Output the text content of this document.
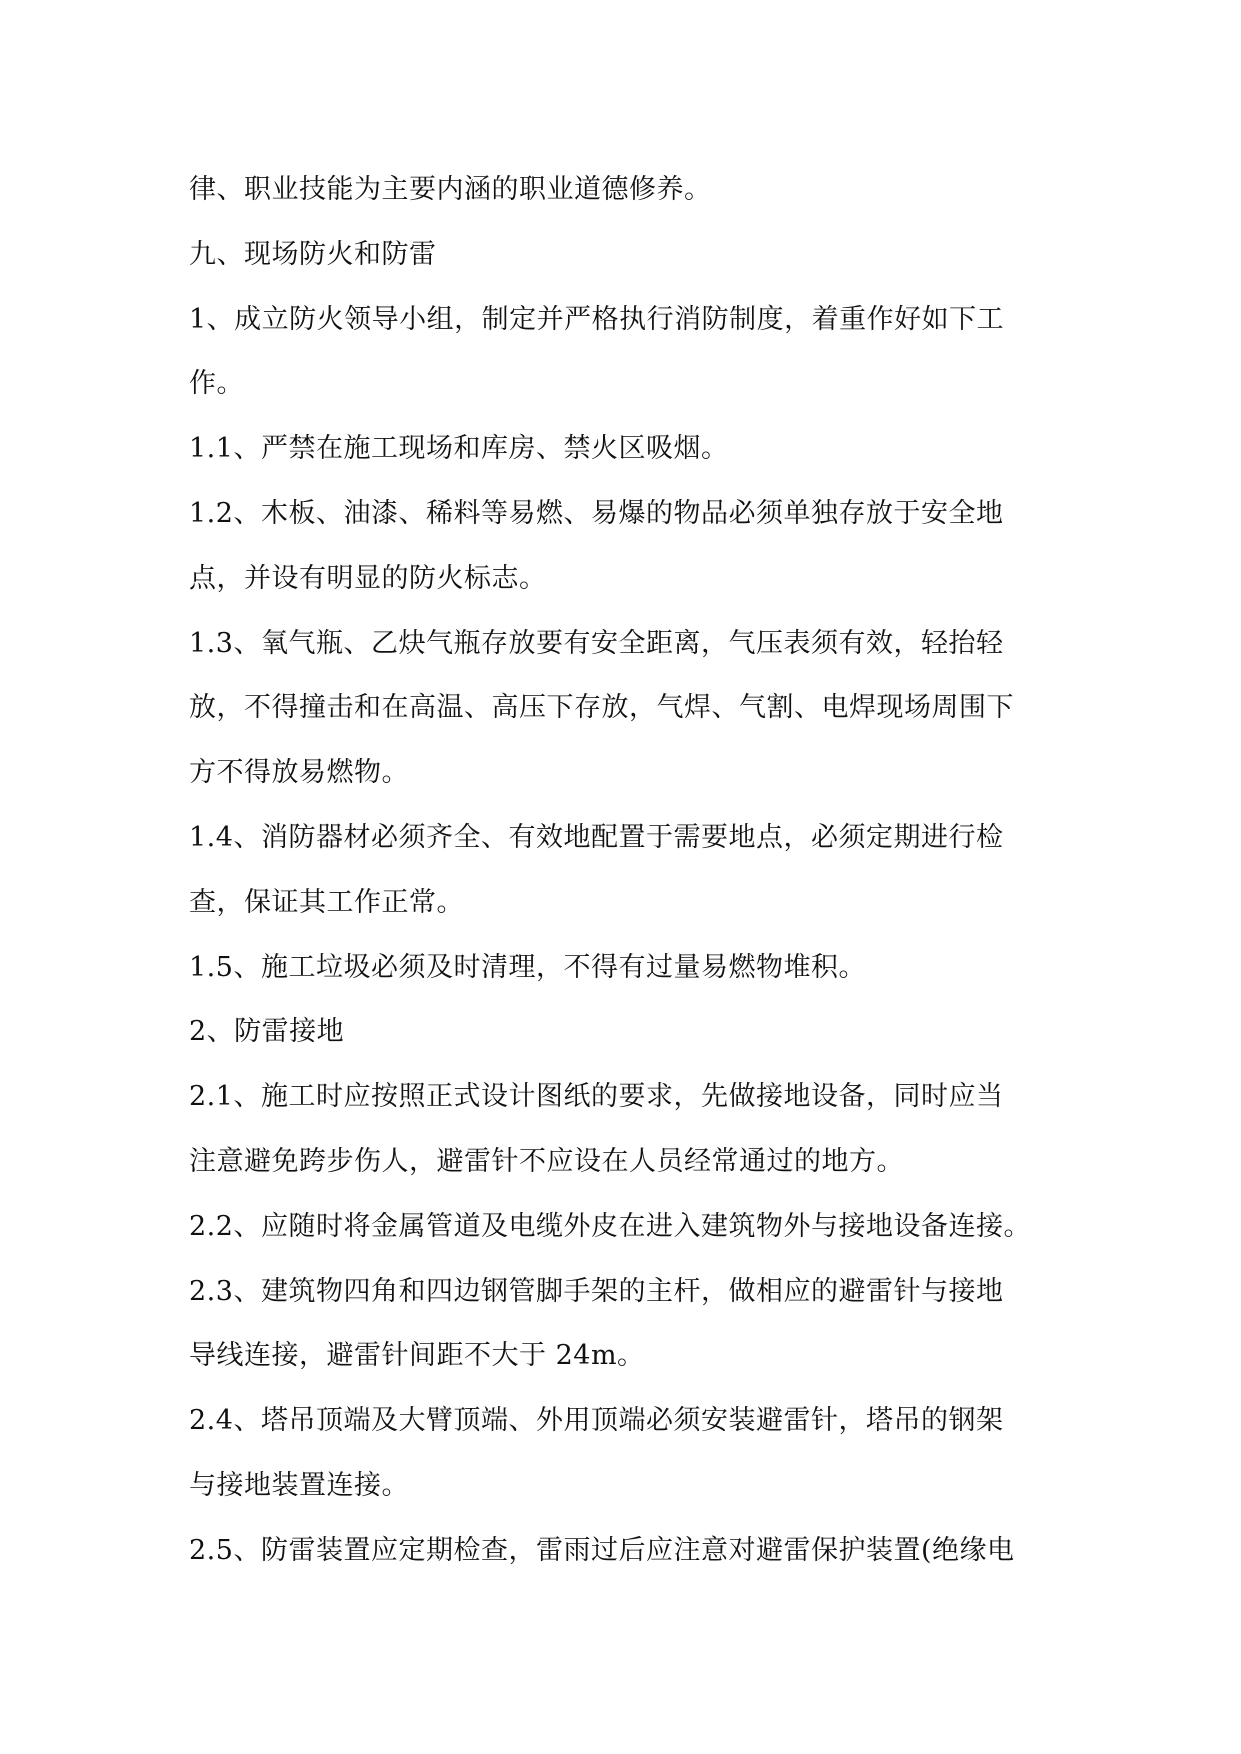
律、职业技能为主要内涵的职业道德修养。
九、现场防火和防雷
1、成立防火领导小组，制定并严格执行消防制度，着重作好如下工
作。
1.1、严禁在施工现场和库房、禁火区吸烟。
1.2、木板、油漆、稀料等易燃、易爆的物品必须单独存放于安全地
点，并设有明显的防火标志。
1.3、氧气瓶、乙炔气瓶存放要有安全距离，气压表须有效，轻抬轻
放，不得撞击和在高温、高压下存放，气焊、气割、电焊现场周围下
方不得放易燃物。
1.4、消防器材必须齐全、有效地配置于需要地点，必须定期进行检
查，保证其工作正常。
1.5、施工垃圾必须及时清理，不得有过量易燃物堆积。
2、防雷接地
2.1、施工时应按照正式设计图纸的要求，先做接地设备，同时应当
注意避免跨步伤人，避雷针不应设在人员经常通过的地方。
2.2、应随时将金属管道及电缆外皮在进入建筑物外与接地设备连接。
2.3、建筑物四角和四边钢管脚手架的主杆，做相应的避雷针与接地
导线连接，避雷针间距不大于 24m。
2.4、塔吊顶端及大臂顶端、外用顶端必须安装避雷针，塔吊的钢架
与接地装置连接。
2.5、防雷装置应定期检查，雷雨过后应注意对避雷保护装置(绝缘电
